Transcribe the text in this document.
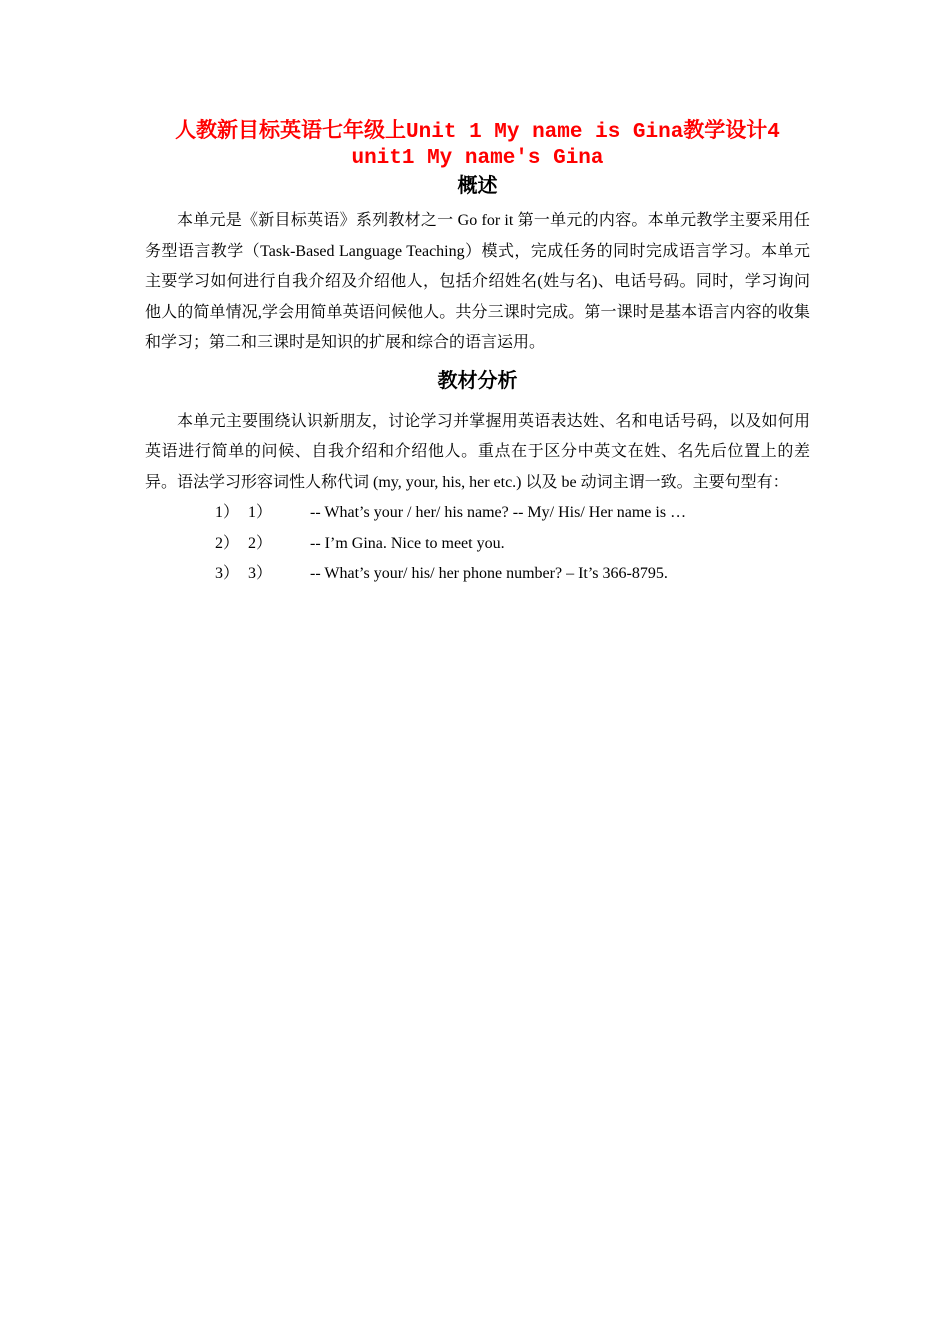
人教新目标英语七年级上Unit 1 My name is Gina教学设计4

unit1 My name's Gina

概述

本单元是《新目标英语》系列教材之一 Go for it 第一单元的内容。本单元教学主要采用任务型语言教学（Task-Based Language Teaching）模式，完成任务的同时完成语言学习。本单元主要学习如何进行自我介绍及介绍他人，包括介绍姓名(姓与名)、电话号码。同时，学习询问他人的简单情况,学会用简单英语问候他人。共分三课时完成。第一课时是基本语言内容的收集和学习；第二和三课时是知识的扩展和综合的语言运用。

教材分析

本单元主要围绕认识新朋友，讨论学习并掌握用英语表达姓、名和电话号码，以及如何用英语进行简单的问候、自我介绍和介绍他人。重点在于区分中英文在姓、名先后位置上的差异。语法学习形容词性人称代词 (my, your, his, her etc.) 以及 be 动词主谓一致。主要句型有：

1） 1）	-- What’s your / her/ his name? -- My/ His/ Her name is …
2） 2）	-- I’m Gina. Nice to meet you.
3） 3）	-- What’s your/ his/ her phone number? – It’s 366-8795.
